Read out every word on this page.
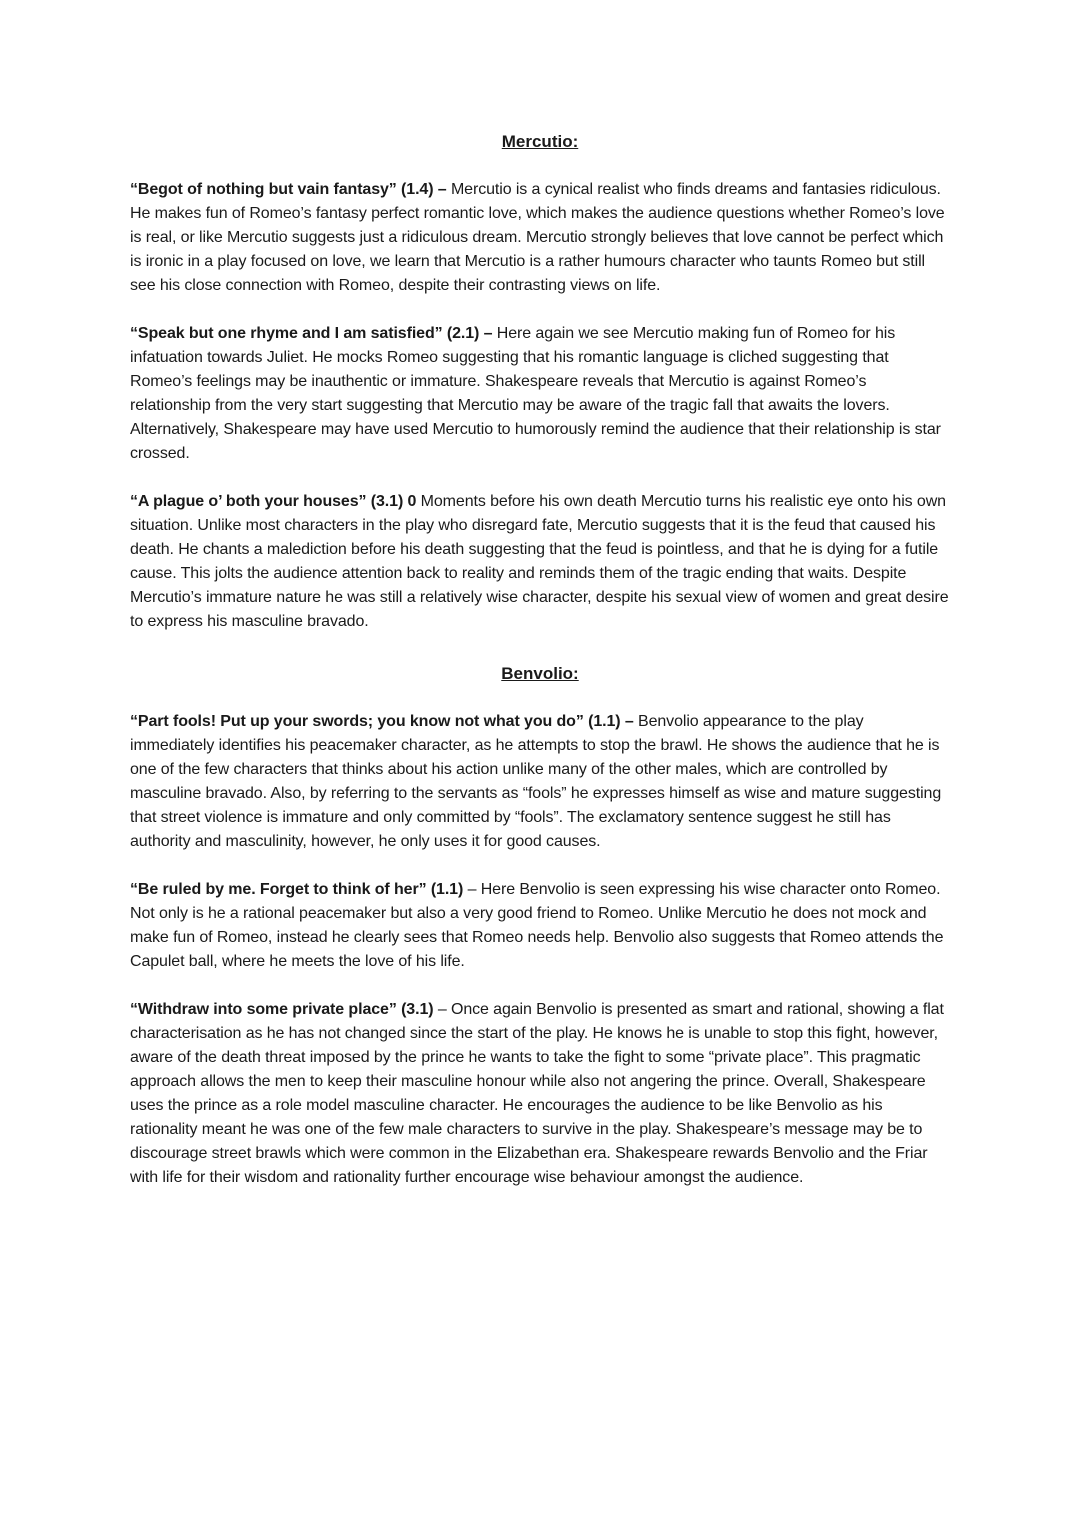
Mercutio:

“Begot of nothing but vain fantasy” (1.4) – Mercutio is a cynical realist who finds dreams and fantasies ridiculous. He makes fun of Romeo’s fantasy perfect romantic love, which makes the audience questions whether Romeo’s love is real, or like Mercutio suggests just a ridiculous dream. Mercutio strongly believes that love cannot be perfect which is ironic in a play focused on love, we learn that Mercutio is a rather humours character who taunts Romeo but still see his close connection with Romeo, despite their contrasting views on life.

“Speak but one rhyme and I am satisfied” (2.1) – Here again we see Mercutio making fun of Romeo for his infatuation towards Juliet. He mocks Romeo suggesting that his romantic language is cliched suggesting that Romeo’s feelings may be inauthentic or immature. Shakespeare reveals that Mercutio is against Romeo’s relationship from the very start suggesting that Mercutio may be aware of the tragic fall that awaits the lovers. Alternatively, Shakespeare may have used Mercutio to humorously remind the audience that their relationship is star crossed.

“A plague o’ both your houses” (3.1) 0 Moments before his own death Mercutio turns his realistic eye onto his own situation. Unlike most characters in the play who disregard fate, Mercutio suggests that it is the feud that caused his death. He chants a malediction before his death suggesting that the feud is pointless, and that he is dying for a futile cause. This jolts the audience attention back to reality and reminds them of the tragic ending that waits. Despite Mercutio’s immature nature he was still a relatively wise character, despite his sexual view of women and great desire to express his masculine bravado.

Benvolio:

“Part fools! Put up your swords; you know not what you do” (1.1) – Benvolio appearance to the play immediately identifies his peacemaker character, as he attempts to stop the brawl. He shows the audience that he is one of the few characters that thinks about his action unlike many of the other males, which are controlled by masculine bravado. Also, by referring to the servants as “fools” he expresses himself as wise and mature suggesting that street violence is immature and only committed by “fools”. The exclamatory sentence suggest he still has authority and masculinity, however, he only uses it for good causes.

“Be ruled by me. Forget to think of her” (1.1) – Here Benvolio is seen expressing his wise character onto Romeo. Not only is he a rational peacemaker but also a very good friend to Romeo. Unlike Mercutio he does not mock and make fun of Romeo, instead he clearly sees that Romeo needs help. Benvolio also suggests that Romeo attends the Capulet ball, where he meets the love of his life.

“Withdraw into some private place” (3.1) – Once again Benvolio is presented as smart and rational, showing a flat characterisation as he has not changed since the start of the play. He knows he is unable to stop this fight, however, aware of the death threat imposed by the prince he wants to take the fight to some “private place”. This pragmatic approach allows the men to keep their masculine honour while also not angering the prince. Overall, Shakespeare uses the prince as a role model masculine character. He encourages the audience to be like Benvolio as his rationality meant he was one of the few male characters to survive in the play. Shakespeare’s message may be to discourage street brawls which were common in the Elizabethan era. Shakespeare rewards Benvolio and the Friar with life for their wisdom and rationality further encourage wise behaviour amongst the audience.
